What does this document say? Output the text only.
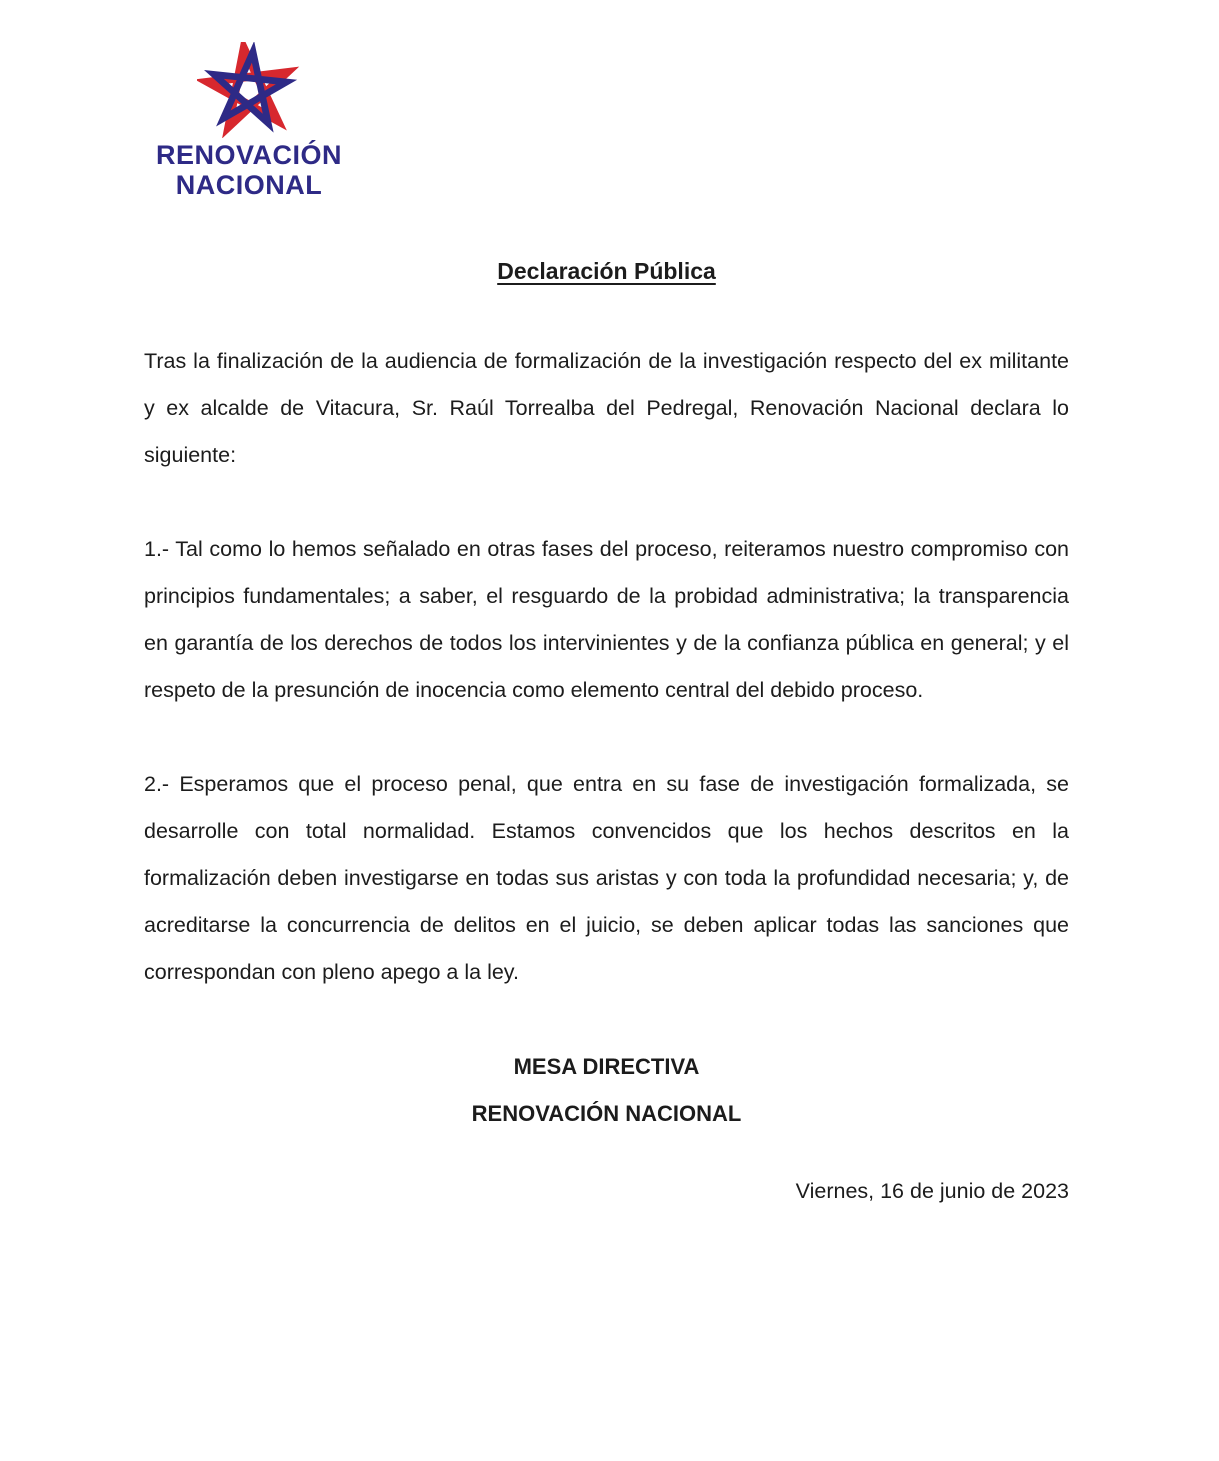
RENOVACIÓN
NACIONAL
Declaración Pública

Tras la finalización de la audiencia de formalización de la investigación respecto del ex militante y ex alcalde de Vitacura, Sr. Raúl Torrealba del Pedregal, Renovación Nacional declara lo siguiente:

1.- Tal como lo hemos señalado en otras fases del proceso, reiteramos nuestro compromiso con principios fundamentales; a saber, el resguardo de la probidad administrativa; la transparencia en garantía de los derechos de todos los intervinientes y de la confianza pública en general; y el respeto de la presunción de inocencia como elemento central del debido proceso.

2.- Esperamos que el proceso penal, que entra en su fase de investigación formalizada, se desarrolle con total normalidad. Estamos convencidos que los hechos descritos en la formalización deben investigarse en todas sus aristas y con toda la profundidad necesaria; y, de acreditarse la concurrencia de delitos en el juicio, se deben aplicar todas las sanciones que correspondan con pleno apego a la ley.

MESA DIRECTIVA
RENOVACIÓN NACIONAL
Viernes, 16 de junio de 2023
